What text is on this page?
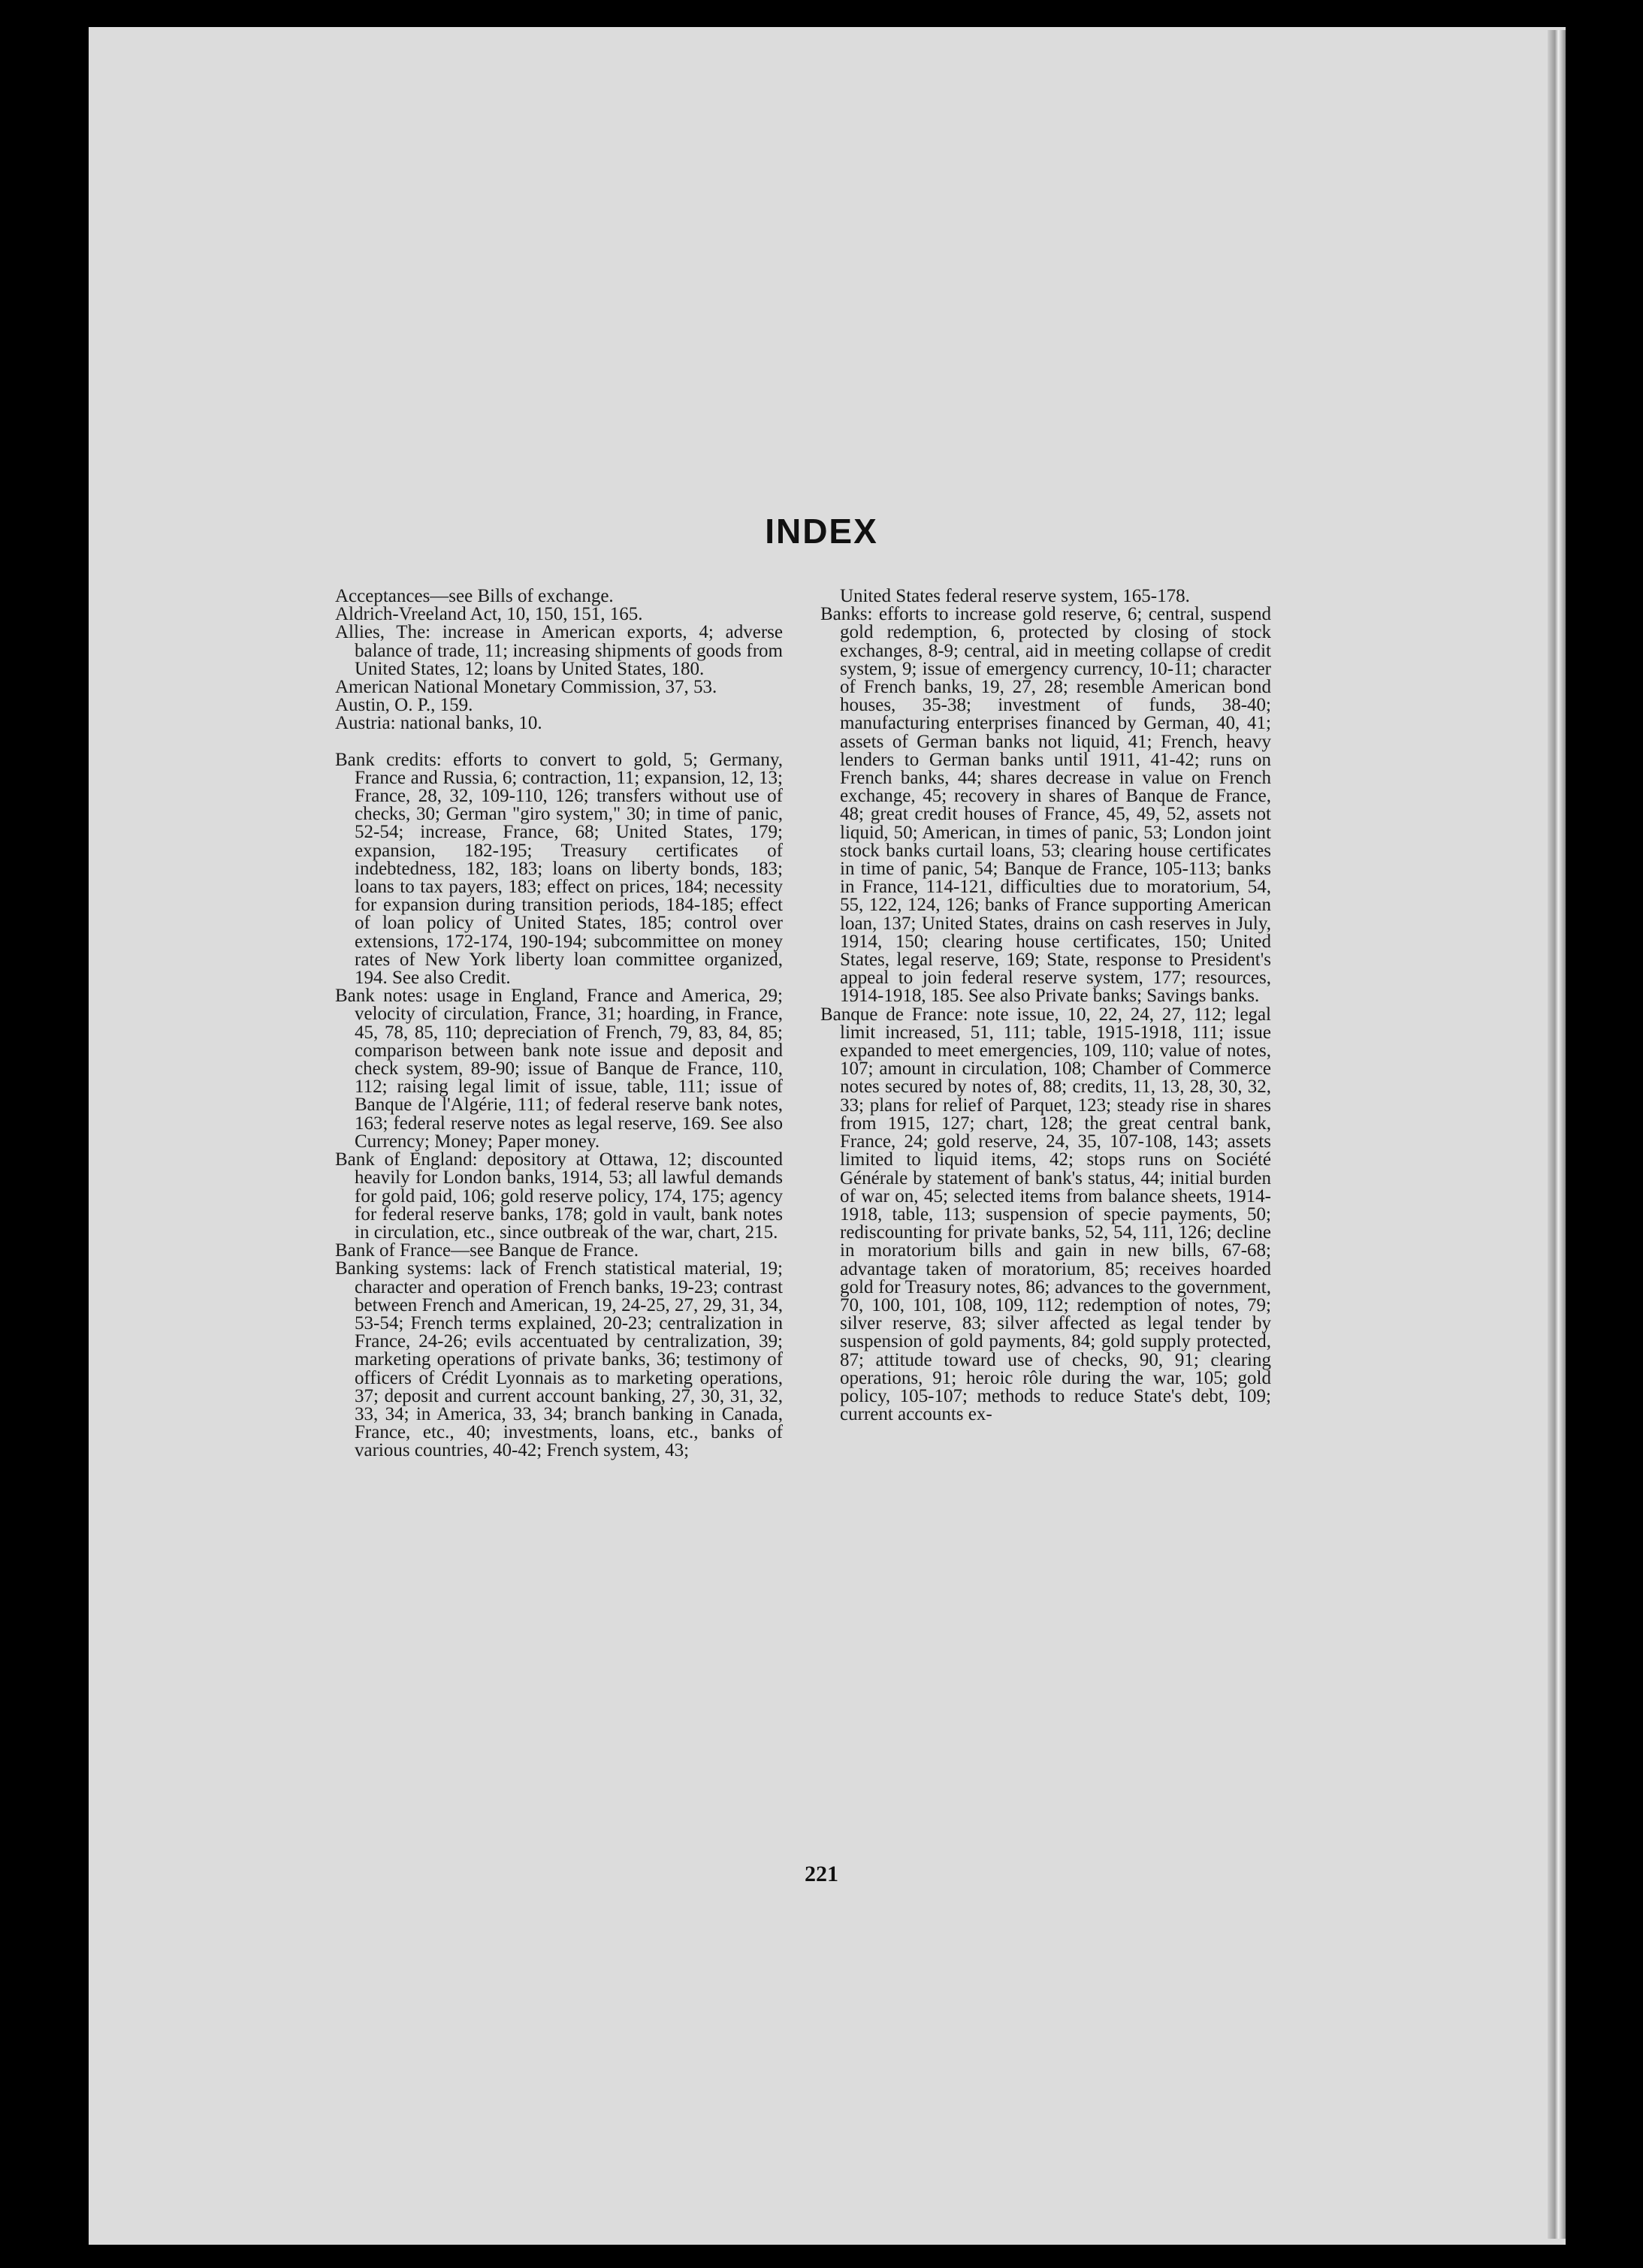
INDEX

Acceptances—see Bills of exchange.

Aldrich-Vreeland Act, 10, 150, 151, 165.

Allies, The: increase in American exports, 4; adverse balance of trade, 11; increasing shipments of goods from United States, 12; loans by United States, 180.

American National Monetary Commission, 37, 53.

Austin, O. P., 159.

Austria: national banks, 10.

Bank credits: efforts to convert to gold, 5; Germany, France and Russia, 6; contraction, 11; expansion, 12, 13; France, 28, 32, 109-110, 126; transfers without use of checks, 30; German "giro system," 30; in time of panic, 52-54; increase, France, 68; United States, 179; expansion, 182-195; Treasury certificates of indebtedness, 182, 183; loans on liberty bonds, 183; loans to tax payers, 183; effect on prices, 184; necessity for expansion during transition periods, 184-185; effect of loan policy of United States, 185; control over extensions, 172-174, 190-194; subcommittee on money rates of New York liberty loan committee organized, 194. See also Credit.

Bank notes: usage in England, France and America, 29; velocity of circulation, France, 31; hoarding, in France, 45, 78, 85, 110; depreciation of French, 79, 83, 84, 85; comparison between bank note issue and deposit and check system, 89-90; issue of Banque de France, 110, 112; raising legal limit of issue, table, 111; issue of Banque de l'Algérie, 111; of federal reserve bank notes, 163; federal reserve notes as legal reserve, 169. See also Currency; Money; Paper money.

Bank of England: depository at Ottawa, 12; discounted heavily for London banks, 1914, 53; all lawful demands for gold paid, 106; gold reserve policy, 174, 175; agency for federal reserve banks, 178; gold in vault, bank notes in circulation, etc., since outbreak of the war, chart, 215.

Bank of France—see Banque de France.

Banking systems: lack of French statistical material, 19; character and operation of French banks, 19-23; contrast between French and American, 19, 24-25, 27, 29, 31, 34, 53-54; French terms explained, 20-23; centralization in France, 24-26; evils accentuated by centralization, 39; marketing operations of private banks, 36; testimony of officers of Crédit Lyonnais as to marketing operations, 37; deposit and current account banking, 27, 30, 31, 32, 33, 34; in America, 33, 34; branch banking in Canada, France, etc., 40; investments, loans, etc., banks of various countries, 40-42; French system, 43;

United States federal reserve system, 165-178.

Banks: efforts to increase gold reserve, 6; central, suspend gold redemption, 6, protected by closing of stock exchanges, 8-9; central, aid in meeting collapse of credit system, 9; issue of emergency currency, 10-11; character of French banks, 19, 27, 28; resemble American bond houses, 35-38; investment of funds, 38-40; manufacturing enterprises financed by German, 40, 41; assets of German banks not liquid, 41; French, heavy lenders to German banks until 1911, 41-42; runs on French banks, 44; shares decrease in value on French exchange, 45; recovery in shares of Banque de France, 48; great credit houses of France, 45, 49, 52, assets not liquid, 50; American, in times of panic, 53; London joint stock banks curtail loans, 53; clearing house certificates in time of panic, 54; Banque de France, 105-113; banks in France, 114-121, difficulties due to moratorium, 54, 55, 122, 124, 126; banks of France supporting American loan, 137; United States, drains on cash reserves in July, 1914, 150; clearing house certificates, 150; United States, legal reserve, 169; State, response to President's appeal to join federal reserve system, 177; resources, 1914-1918, 185. See also Private banks; Savings banks.

Banque de France: note issue, 10, 22, 24, 27, 112; legal limit increased, 51, 111; table, 1915-1918, 111; issue expanded to meet emergencies, 109, 110; value of notes, 107; amount in circulation, 108; Chamber of Commerce notes secured by notes of, 88; credits, 11, 13, 28, 30, 32, 33; plans for relief of Parquet, 123; steady rise in shares from 1915, 127; chart, 128; the great central bank, France, 24; gold reserve, 24, 35, 107-108, 143; assets limited to liquid items, 42; stops runs on Société Générale by statement of bank's status, 44; initial burden of war on, 45; selected items from balance sheets, 1914-1918, table, 113; suspension of specie payments, 50; rediscounting for private banks, 52, 54, 111, 126; decline in moratorium bills and gain in new bills, 67-68; advantage taken of moratorium, 85; receives hoarded gold for Treasury notes, 86; advances to the government, 70, 100, 101, 108, 109, 112; redemption of notes, 79; silver reserve, 83; silver affected as legal tender by suspension of gold payments, 84; gold supply protected, 87; attitude toward use of checks, 90, 91; clearing operations, 91; heroic rôle during the war, 105; gold policy, 105-107; methods to reduce State's debt, 109; current accounts ex-

221
